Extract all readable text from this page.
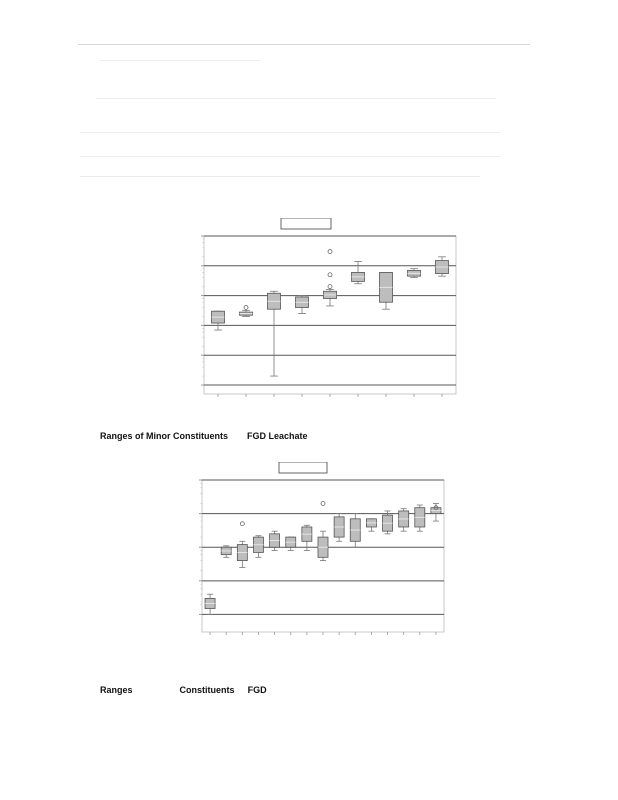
Ranges of Minor Constituents FGD Leachate
Ranges	Constituents FGD
